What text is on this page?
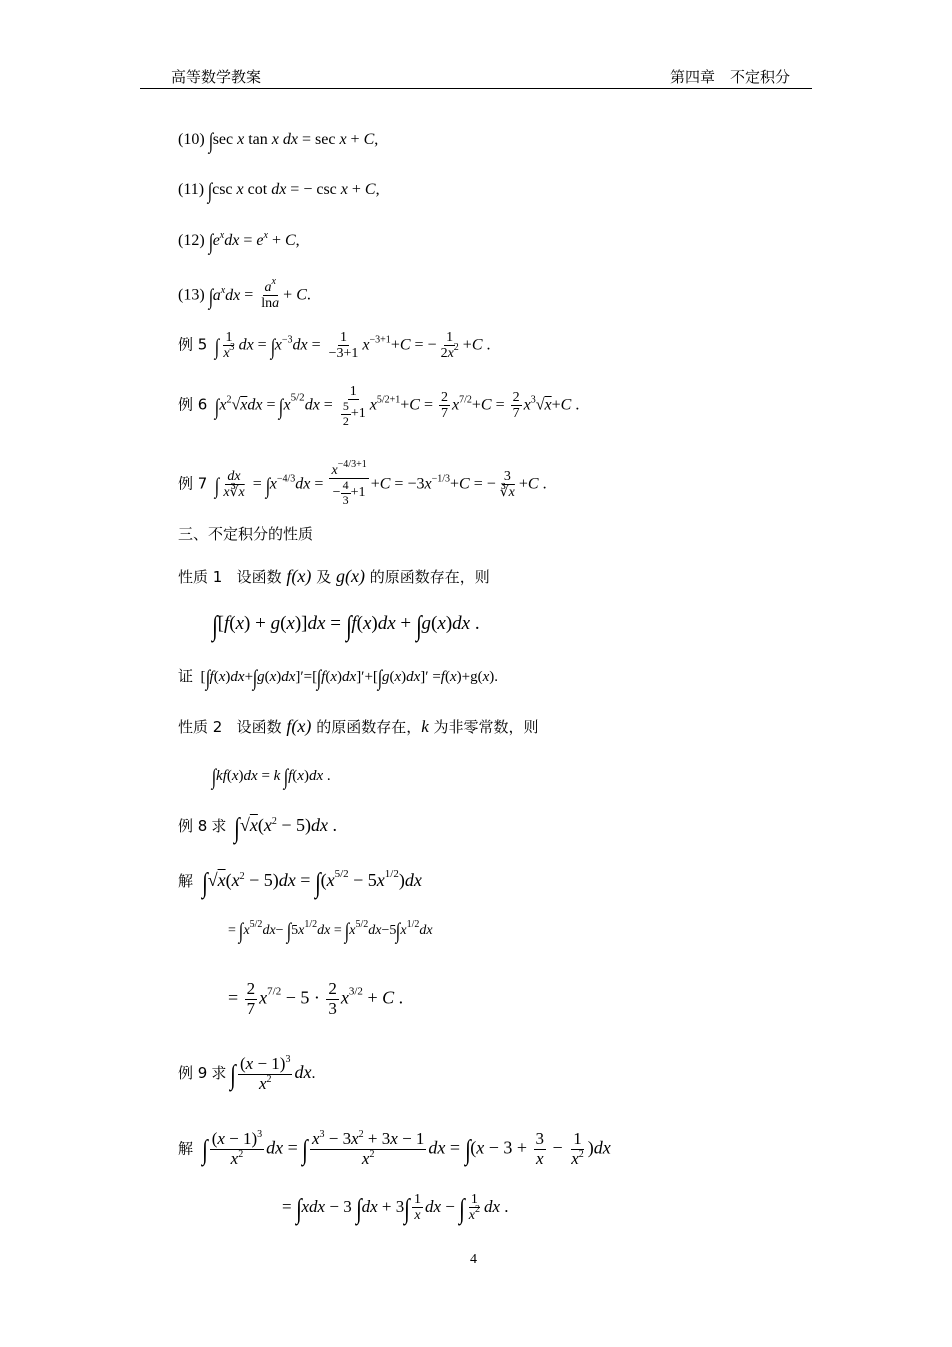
高等数学教案	第四章　不定积分
(10) ∫sec x tan x dx = sec x + C,
(11) ∫csc x cot dx = − csc x + C,
(12) $\int e^xdx = e^x + C$,
(13) $\int a^xdx = \frac{a^x}{\ln a} + C$.
例 5 ∫ $\frac{1}{x^3}$ dx = $\int x^{-3}dx = \frac{1}{-3+1} x^{-3+1}+C$ = − $\frac{1}{2x^2} +C$ .
例 6 $\int x^2√xdx = \int x^{5/2}dx = \frac{1}{\frac{5}{2} +1} x^{5/2+1}+C = \frac{2}{7} x^{7/2}+C = \frac{2}{7} x^3√x+C$ .
例 7 ∫ $\frac{dx}{x∛\overline{x}} = \int x^{-4/3}dx = \frac{x^{-4/3+1}}{- \frac{4}{3} +1} +C = -3x^{-1/3}+C$ = − $\frac{3}{∛\overline{x}} +C$ .
三、不定积分的性质
性质 1 设函数 f(x) 及 g(x) 的原函数存在，则
∫[f(x) + g(x)]dx = ∫f(x)dx + ∫g(x)dx .
证  [∫f(x)dx+∫g(x)dx]′=[∫f(x)dx]′+[∫g(x)dx]′ =f(x)+g(x).
性质 2 设函数 f(x) 的原函数存在，k 为非零常数，则
∫kf(x)dx = k ∫f(x)dx .
例 8 求 $\int√x(x^2 - 5)dx$ .
解 $\int√x(x^2 - 5)dx = \int(x^{5/2} - 5x^{1/2})dx$
= $\int x^{5/2}dx- \int 5x^{1/2}dx = \int x^{5/2}dx-5\int x^{1/2}dx$
= $\frac{2}{7} x^{7/2} - 5 \cdot \frac{2}{3} x^{3/2} + C$ .
例 9 求 ∫ $\frac{(x - 1)^3}{x^2}$ dx.
解 ∫ $\frac{(x - 1)^3}{x^2}$ dx = ∫ $\frac{x^3 - 3x^2 + 3x - 1}{x^2}$ dx = $\int(x - 3 + \frac{3}{x} - \frac{1}{x^2} )dx$
= ∫xdx − 3 $\int dx + 3\int \frac{1}{x}$ dx − ∫ $\frac{1}{x^2}$ dx .
4
